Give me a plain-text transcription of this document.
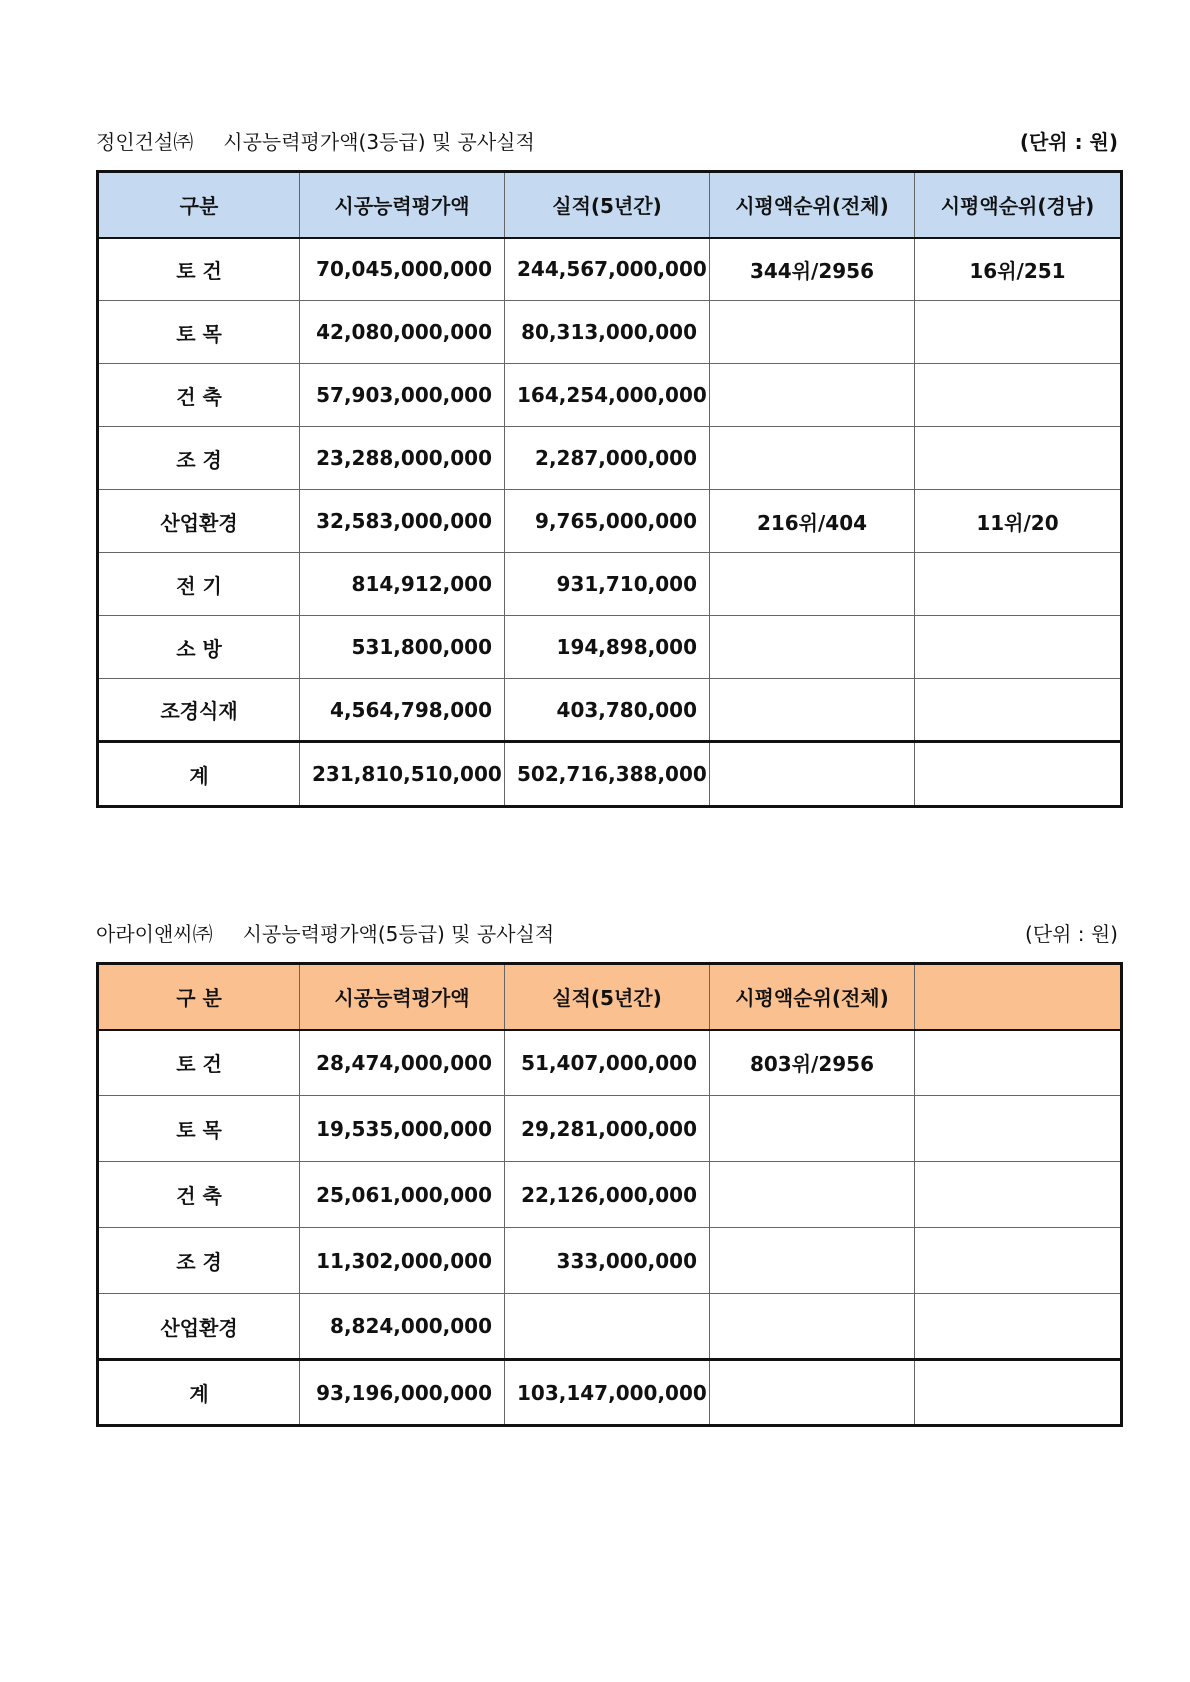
정인건설㈜ 시공능력평가액(3등급) 및 공사실적	(단위 : 원)
구분	시공능력평가액	실적(5년간)	시평액순위(전체)	시평액순위(경남)
토 건	70,045,000,000	244,567,000,000	344위/2956	16위/251
토 목	42,080,000,000	80,313,000,000		
건 축	57,903,000,000	164,254,000,000		
조 경	23,288,000,000	2,287,000,000		
산업환경	32,583,000,000	9,765,000,000	216위/404	11위/20
전 기	814,912,000	931,710,000		
소 방	531,800,000	194,898,000		
조경식재	4,564,798,000	403,780,000		
계	231,810,510,000	502,716,388,000		
아라이앤씨㈜ 시공능력평가액(5등급) 및 공사실적	(단위 : 원)
구 분	시공능력평가액	실적(5년간)	시평액순위(전체)	
토 건	28,474,000,000	51,407,000,000	803위/2956	
토 목	19,535,000,000	29,281,000,000		
건 축	25,061,000,000	22,126,000,000		
조 경	11,302,000,000	333,000,000		
산업환경	8,824,000,000			
계	93,196,000,000	103,147,000,000		
